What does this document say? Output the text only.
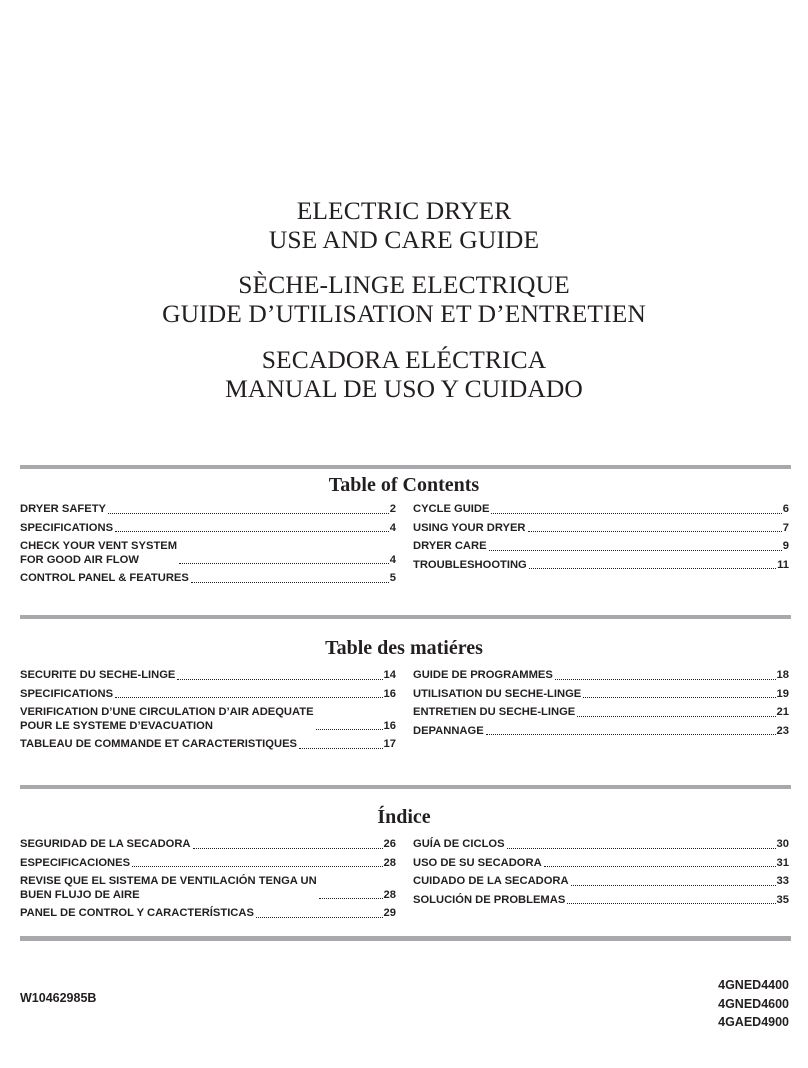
ELECTRIC DRYER
USE AND CARE GUIDE
SÈCHE-LINGE ELECTRIQUE
GUIDE D’UTILISATION ET D’ENTRETIEN
SECADORA ELÉCTRICA
MANUAL DE USO Y CUIDADO
Table of Contents
DRYER SAFETY	2
SPECIFICATIONS	4
CHECK YOUR VENT SYSTEM
FOR GOOD AIR FLOW	4
CONTROL PANEL & FEATURES	5
CYCLE GUIDE	6
USING YOUR DRYER	7
DRYER CARE	9
TROUBLESHOOTING	11
Table des matiéres
SECURITE DU SECHE-LINGE	14
SPECIFICATIONS	16
VERIFICATION D’UNE CIRCULATION D’AIR ADEQUATE
POUR LE SYSTEME D’EVACUATION	16
TABLEAU DE COMMANDE ET CARACTERISTIQUES	17
GUIDE DE PROGRAMMES	18
UTILISATION DU SECHE-LINGE	19
ENTRETIEN DU SECHE-LINGE	21
DEPANNAGE	23
Índice
SEGURIDAD DE LA SECADORA	26
ESPECIFICACIONES	28
REVISE QUE EL SISTEMA DE VENTILACIÓN TENGA UN
BUEN FLUJO DE AIRE	28
PANEL DE CONTROL Y CARACTERÍSTICAS	29
GUÍA DE CICLOS	30
USO DE SU SECADORA	31
CUIDADO DE LA SECADORA	33
SOLUCIÓN DE PROBLEMAS	35
W10462985B
4GNED4400
4GNED4600
4GAED4900
